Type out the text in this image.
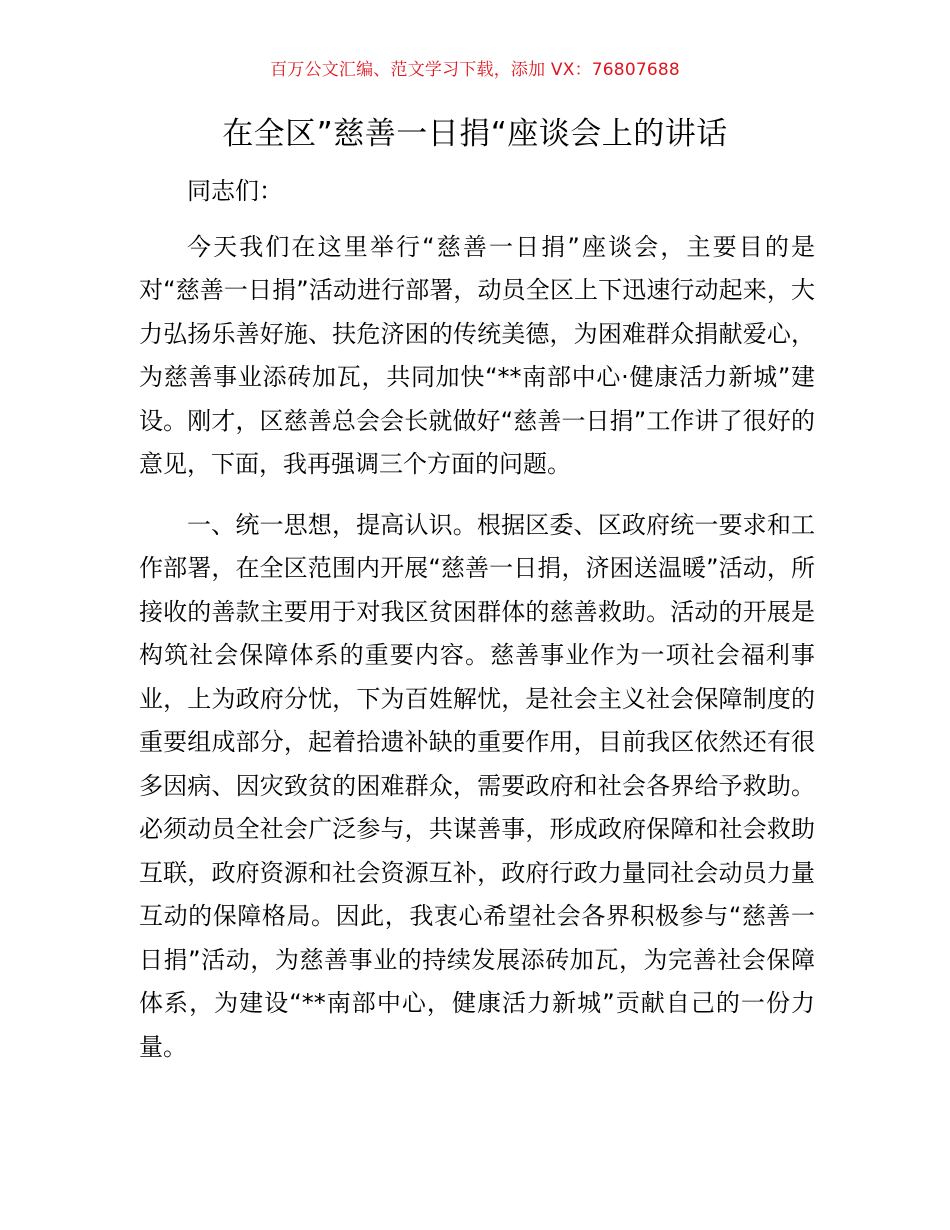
百万公文汇编、范文学习下载，添加 VX：76807688
在全区”慈善一日捐“座谈会上的讲话

同志们：

今天我们在这里举行“慈善一日捐”座谈会，主要目的是对“慈善一日捐”活动进行部署，动员全区上下迅速行动起来，大力弘扬乐善好施、扶危济困的传统美德，为困难群众捐献爱心，为慈善事业添砖加瓦，共同加快“**南部中心·健康活力新城”建设。刚才，区慈善总会会长就做好“慈善一日捐”工作讲了很好的意见，下面，我再强调三个方面的问题。

一、统一思想，提高认识。根据区委、区政府统一要求和工作部署，在全区范围内开展“慈善一日捐，济困送温暖”活动，所接收的善款主要用于对我区贫困群体的慈善救助。活动的开展是构筑社会保障体系的重要内容。慈善事业作为一项社会福利事业，上为政府分忧，下为百姓解忧，是社会主义社会保障制度的重要组成部分，起着拾遗补缺的重要作用，目前我区依然还有很多因病、因灾致贫的困难群众，需要政府和社会各界给予救助。必须动员全社会广泛参与，共谋善事，形成政府保障和社会救助互联，政府资源和社会资源互补，政府行政力量同社会动员力量互动的保障格局。因此，我衷心希望社会各界积极参与“慈善一日捐”活动，为慈善事业的持续发展添砖加瓦，为完善社会保障体系，为建设“**南部中心，健康活力新城”贡献自己的一份力量。
